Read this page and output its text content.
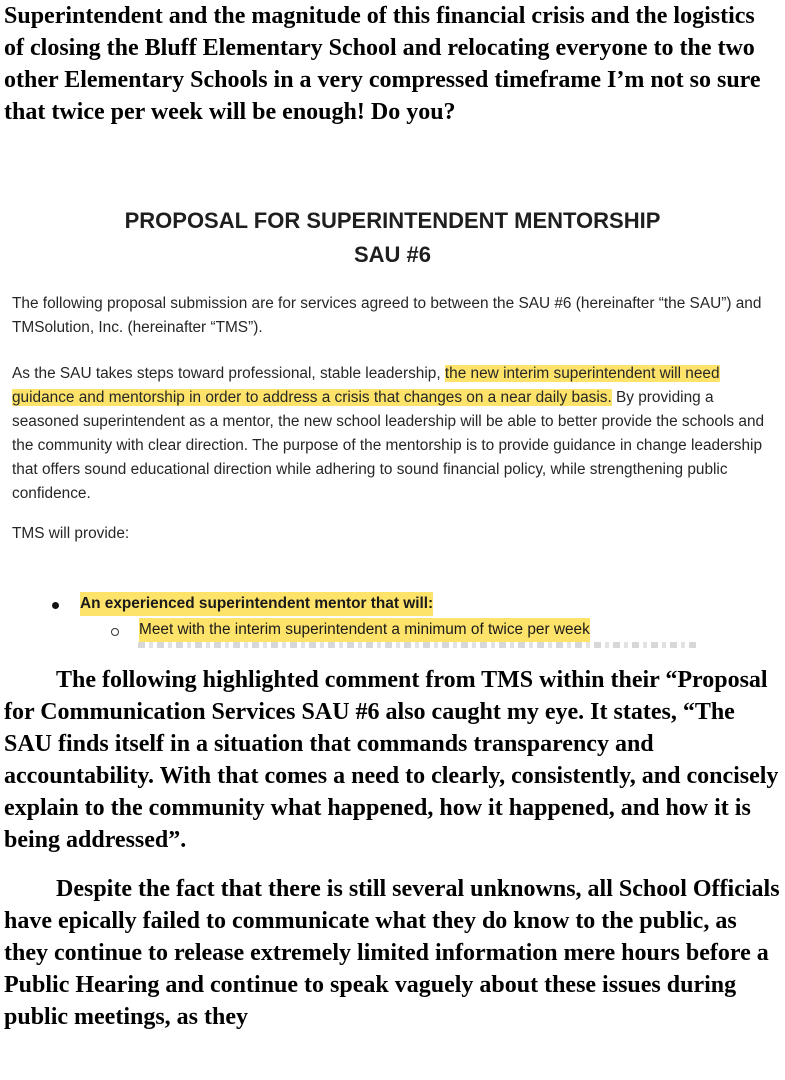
Superintendent and the magnitude of this financial crisis and the logistics of closing the Bluff Elementary School and relocating everyone to the two other Elementary Schools in a very compressed timeframe I’m not so sure that twice per week will be enough! Do you?

PROPOSAL FOR SUPERINTENDENT MENTORSHIP

SAU #6

The following proposal submission are for services agreed to between the SAU #6 (hereinafter “the SAU”) and TMSolution, Inc. (hereinafter “TMS”).

As the SAU takes steps toward professional, stable leadership, the new interim superintendent will need guidance and mentorship in order to address a crisis that changes on a near daily basis. By providing a seasoned superintendent as a mentor, the new school leadership will be able to better provide the schools and the community with clear direction. The purpose of the mentorship is to provide guidance in change leadership that offers sound educational direction while adhering to sound financial policy, while strengthening public confidence.

TMS will provide:

An experienced superintendent mentor that will:
Meet with the interim superintendent a minimum of twice per week

The following highlighted comment from TMS within their “Proposal for Communication Services SAU #6 also caught my eye. It states, “The SAU finds itself in a situation that commands transparency and accountability. With that comes a need to clearly, consistently, and concisely explain to the community what happened, how it happened, and how it is being addressed”.

Despite the fact that there is still several unknowns, all School Officials have epically failed to communicate what they do know to the public, as they continue to release extremely limited information mere hours before a Public Hearing and continue to speak vaguely about these issues during public meetings, as they
